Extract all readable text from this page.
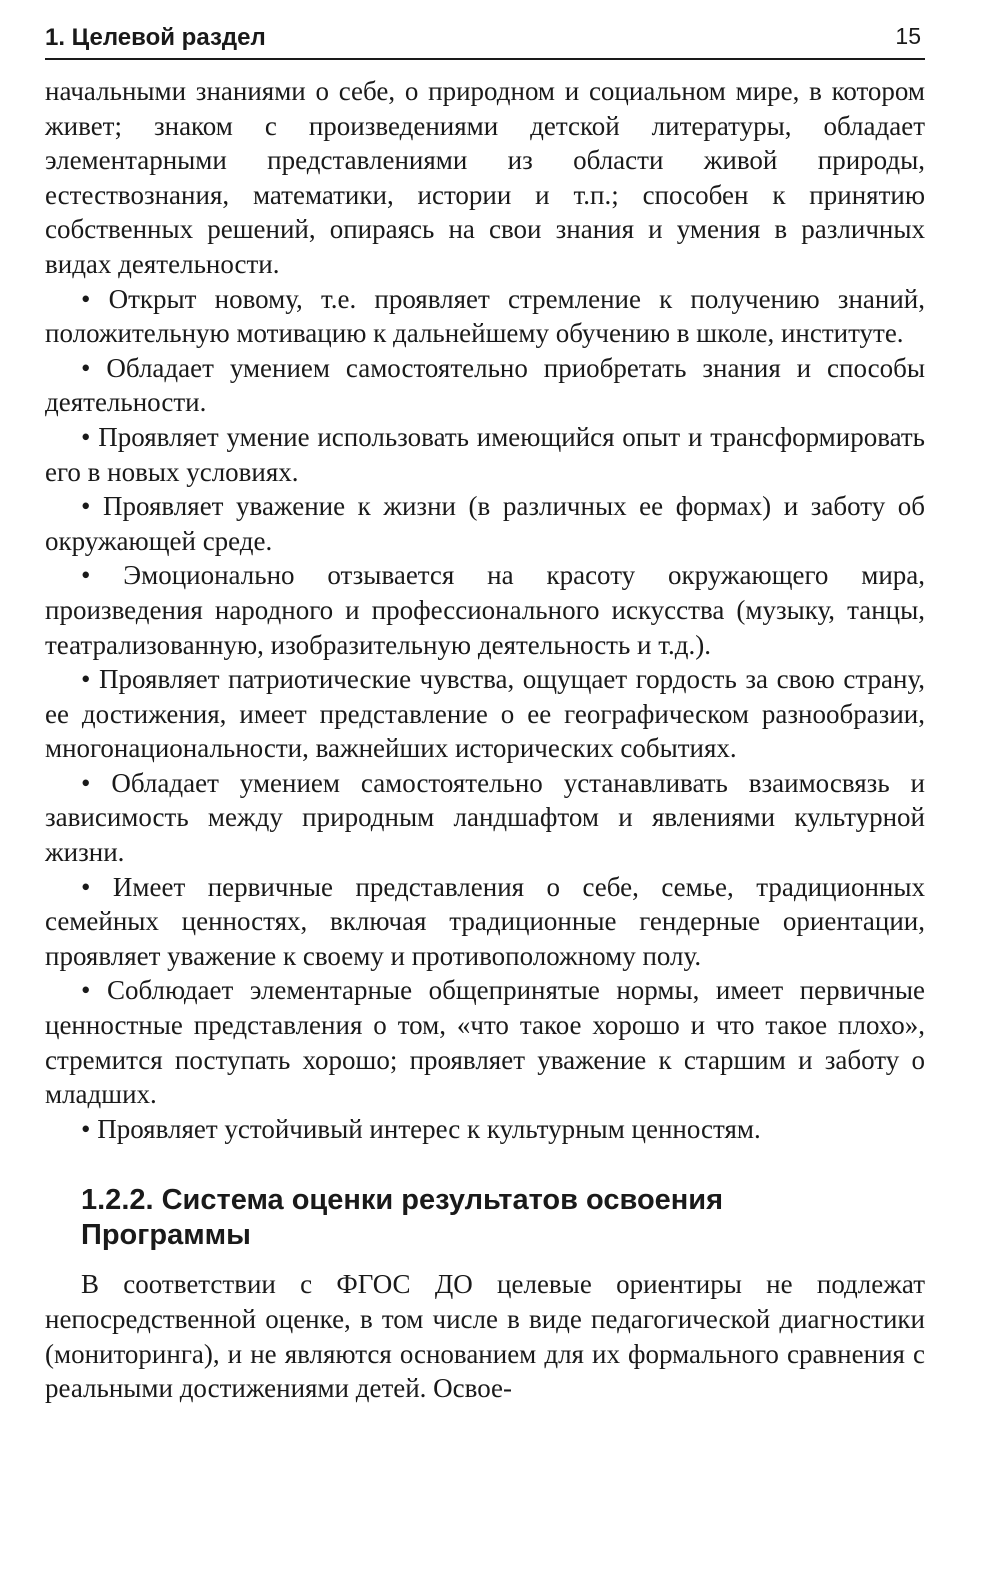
1. Целевой раздел	15

начальными знаниями о себе, о природном и социальном мире, в котором живет; знаком с произведениями детской литературы, обладает элементарными представлениями из области живой природы, естествознания, математики, истории и т.п.; способен к принятию собственных решений, опираясь на свои знания и умения в различных видах деятельности.

• Открыт новому, т.е. проявляет стремление к получению знаний, положительную мотивацию к дальнейшему обучению в школе, институте.

• Обладает умением самостоятельно приобретать знания и способы деятельности.

• Проявляет умение использовать имеющийся опыт и трансформировать его в новых условиях.

• Проявляет уважение к жизни (в различных ее формах) и заботу об окружающей среде.

• Эмоционально отзывается на красоту окружающего мира, произведения народного и профессионального искусства (музыку, танцы, театрализованную, изобразительную деятельность и т.д.).

• Проявляет патриотические чувства, ощущает гордость за свою страну, ее достижения, имеет представление о ее географическом разнообразии, многонациональности, важнейших исторических событиях.

• Обладает умением самостоятельно устанавливать взаимосвязь и зависимость между природным ландшафтом и явлениями культурной жизни.

• Имеет первичные представления о себе, семье, традиционных семейных ценностях, включая традиционные гендерные ориентации, проявляет уважение к своему и противоположному полу.

• Соблюдает элементарные общепринятые нормы, имеет первичные ценностные представления о том, «что такое хорошо и что такое плохо», стремится поступать хорошо; проявляет уважение к старшим и заботу о младших.

• Проявляет устойчивый интерес к культурным ценностям.

1.2.2. Система оценки результатов освоения
Программы

В соответствии с ФГОС ДО целевые ориентиры не подлежат непосредственной оценке, в том числе в виде педагогической диагностики (мониторинга), и не являются основанием для их формального сравнения с реальными достижениями детей. Освое-
